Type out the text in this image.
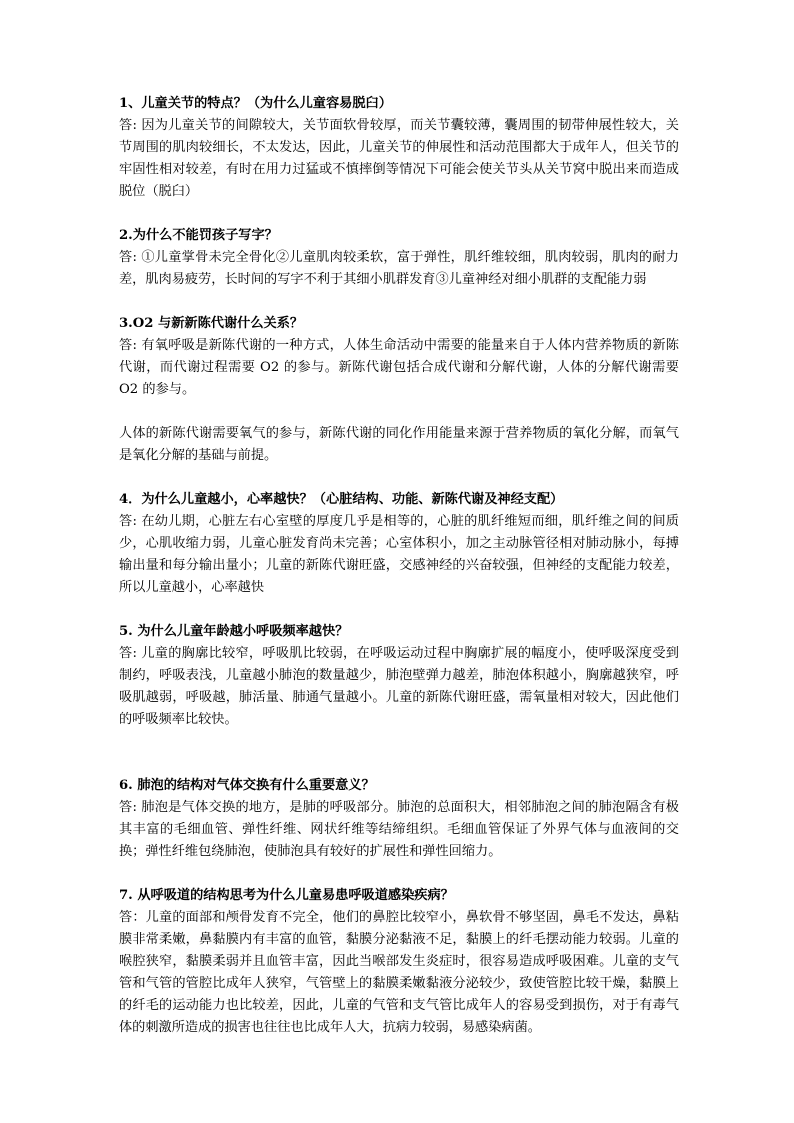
1、儿童关节的特点？（为什么儿童容易脱臼）

答: 因为儿童关节的间隙较大，关节面软骨较厚，而关节囊较薄，囊周围的韧带伸展性较大，关节周围的肌肉较细长，不太发达，因此，儿童关节的伸展性和活动范围都大于成年人，但关节的牢固性相对较差，有时在用力过猛或不慎摔倒等情况下可能会使关节头从关节窝中脱出来而造成脱位（脱臼）

2.为什么不能罚孩子写字？

答: ①儿童掌骨未完全骨化②儿童肌肉较柔软，富于弹性，肌纤维较细，肌肉较弱，肌肉的耐力差，肌肉易疲劳，长时间的写字不利于其细小肌群发育③儿童神经对细小肌群的支配能力弱

3.O2 与新新陈代谢什么关系？

答: 有氧呼吸是新陈代谢的一种方式，人体生命活动中需要的能量来自于人体内营养物质的新陈代谢，而代谢过程需要 O2 的参与。新陈代谢包括合成代谢和分解代谢，人体的分解代谢需要 O2 的参与。

人体的新陈代谢需要氧气的参与，新陈代谢的同化作用能量来源于营养物质的氧化分解，而氧气是氧化分解的基础与前提。

4．为什么儿童越小，心率越快？（心脏结构、功能、新陈代谢及神经支配）

答: 在幼儿期，心脏左右心室壁的厚度几乎是相等的，心脏的肌纤维短而细，肌纤维之间的间质少，心肌收缩力弱，儿童心脏发育尚未完善；心室体积小，加之主动脉管径相对肺动脉小，每搏输出量和每分输出量小；儿童的新陈代谢旺盛，交感神经的兴奋较强，但神经的支配能力较差，所以儿童越小，心率越快

5. 为什么儿童年龄越小呼吸频率越快？

答: 儿童的胸廓比较窄，呼吸肌比较弱，在呼吸运动过程中胸廓扩展的幅度小，使呼吸深度受到制约，呼吸表浅，儿童越小肺泡的数量越少，肺泡壁弹力越差，肺泡体积越小，胸廓越狭窄，呼吸肌越弱，呼吸越，肺活量、肺通气量越小。儿童的新陈代谢旺盛，需氧量相对较大，因此他们的呼吸频率比较快。

6. 肺泡的结构对气体交换有什么重要意义？

答: 肺泡是气体交换的地方，是肺的呼吸部分。肺泡的总面积大，相邻肺泡之间的肺泡隔含有极其丰富的毛细血管、弹性纤维、网状纤维等结缔组织。毛细血管保证了外界气体与血液间的交换；弹性纤维包绕肺泡，使肺泡具有较好的扩展性和弹性回缩力。

7. 从呼吸道的结构思考为什么儿童易患呼吸道感染疾病？

答：儿童的面部和颅骨发育不完全，他们的鼻腔比较窄小，鼻软骨不够坚固，鼻毛不发达，鼻粘膜非常柔嫩，鼻黏膜内有丰富的血管，黏膜分泌黏液不足，黏膜上的纤毛摆动能力较弱。儿童的喉腔狭窄，黏膜柔弱并且血管丰富，因此当喉部发生炎症时，很容易造成呼吸困难。儿童的支气管和气管的管腔比成年人狭窄，气管壁上的黏膜柔嫩黏液分泌较少，致使管腔比较干燥，黏膜上的纤毛的运动能力也比较差，因此，儿童的气管和支气管比成年人的容易受到损伤，对于有毒气体的刺激所造成的损害也往往也比成年人大，抗病力较弱，易感染病菌。
